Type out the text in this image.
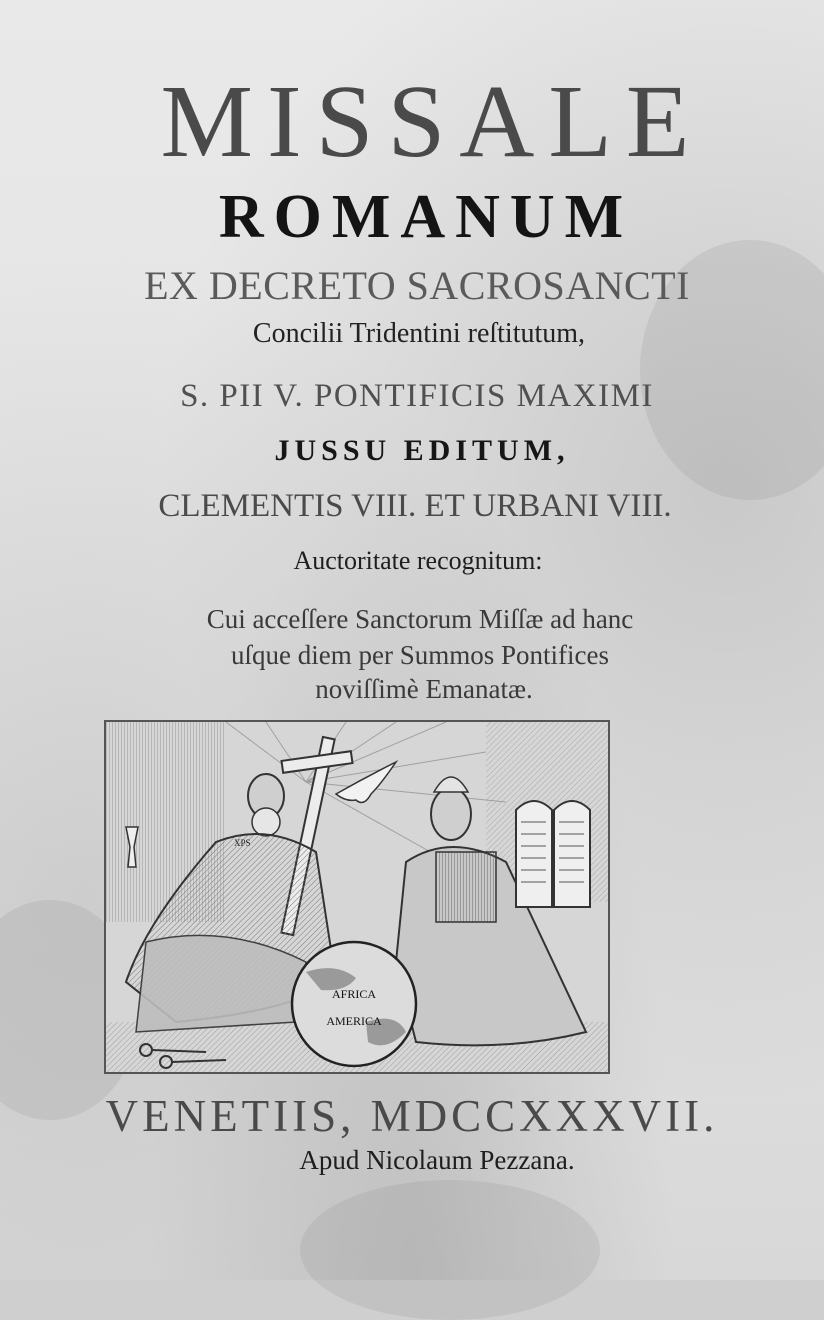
MISSALE
ROMANUM
EX DECRETO SACROSANCTI
Concilii Tridentini reſtitutum,
S. PII V. PONTIFICIS MAXIMI
JUSSU EDITUM,
CLEMENTIS VIII. ET URBANI VIII.
Auctoritate recognitum:
Cui acceſſere Sanctorum Miſſæ ad hanc
uſque diem per Summos Pontifices
noviſſimè Emanatæ.
XPS
AFRICA
AMERICA
VENETIIS, MDCCXXXVII.
Apud Nicolaum Pezzana.
